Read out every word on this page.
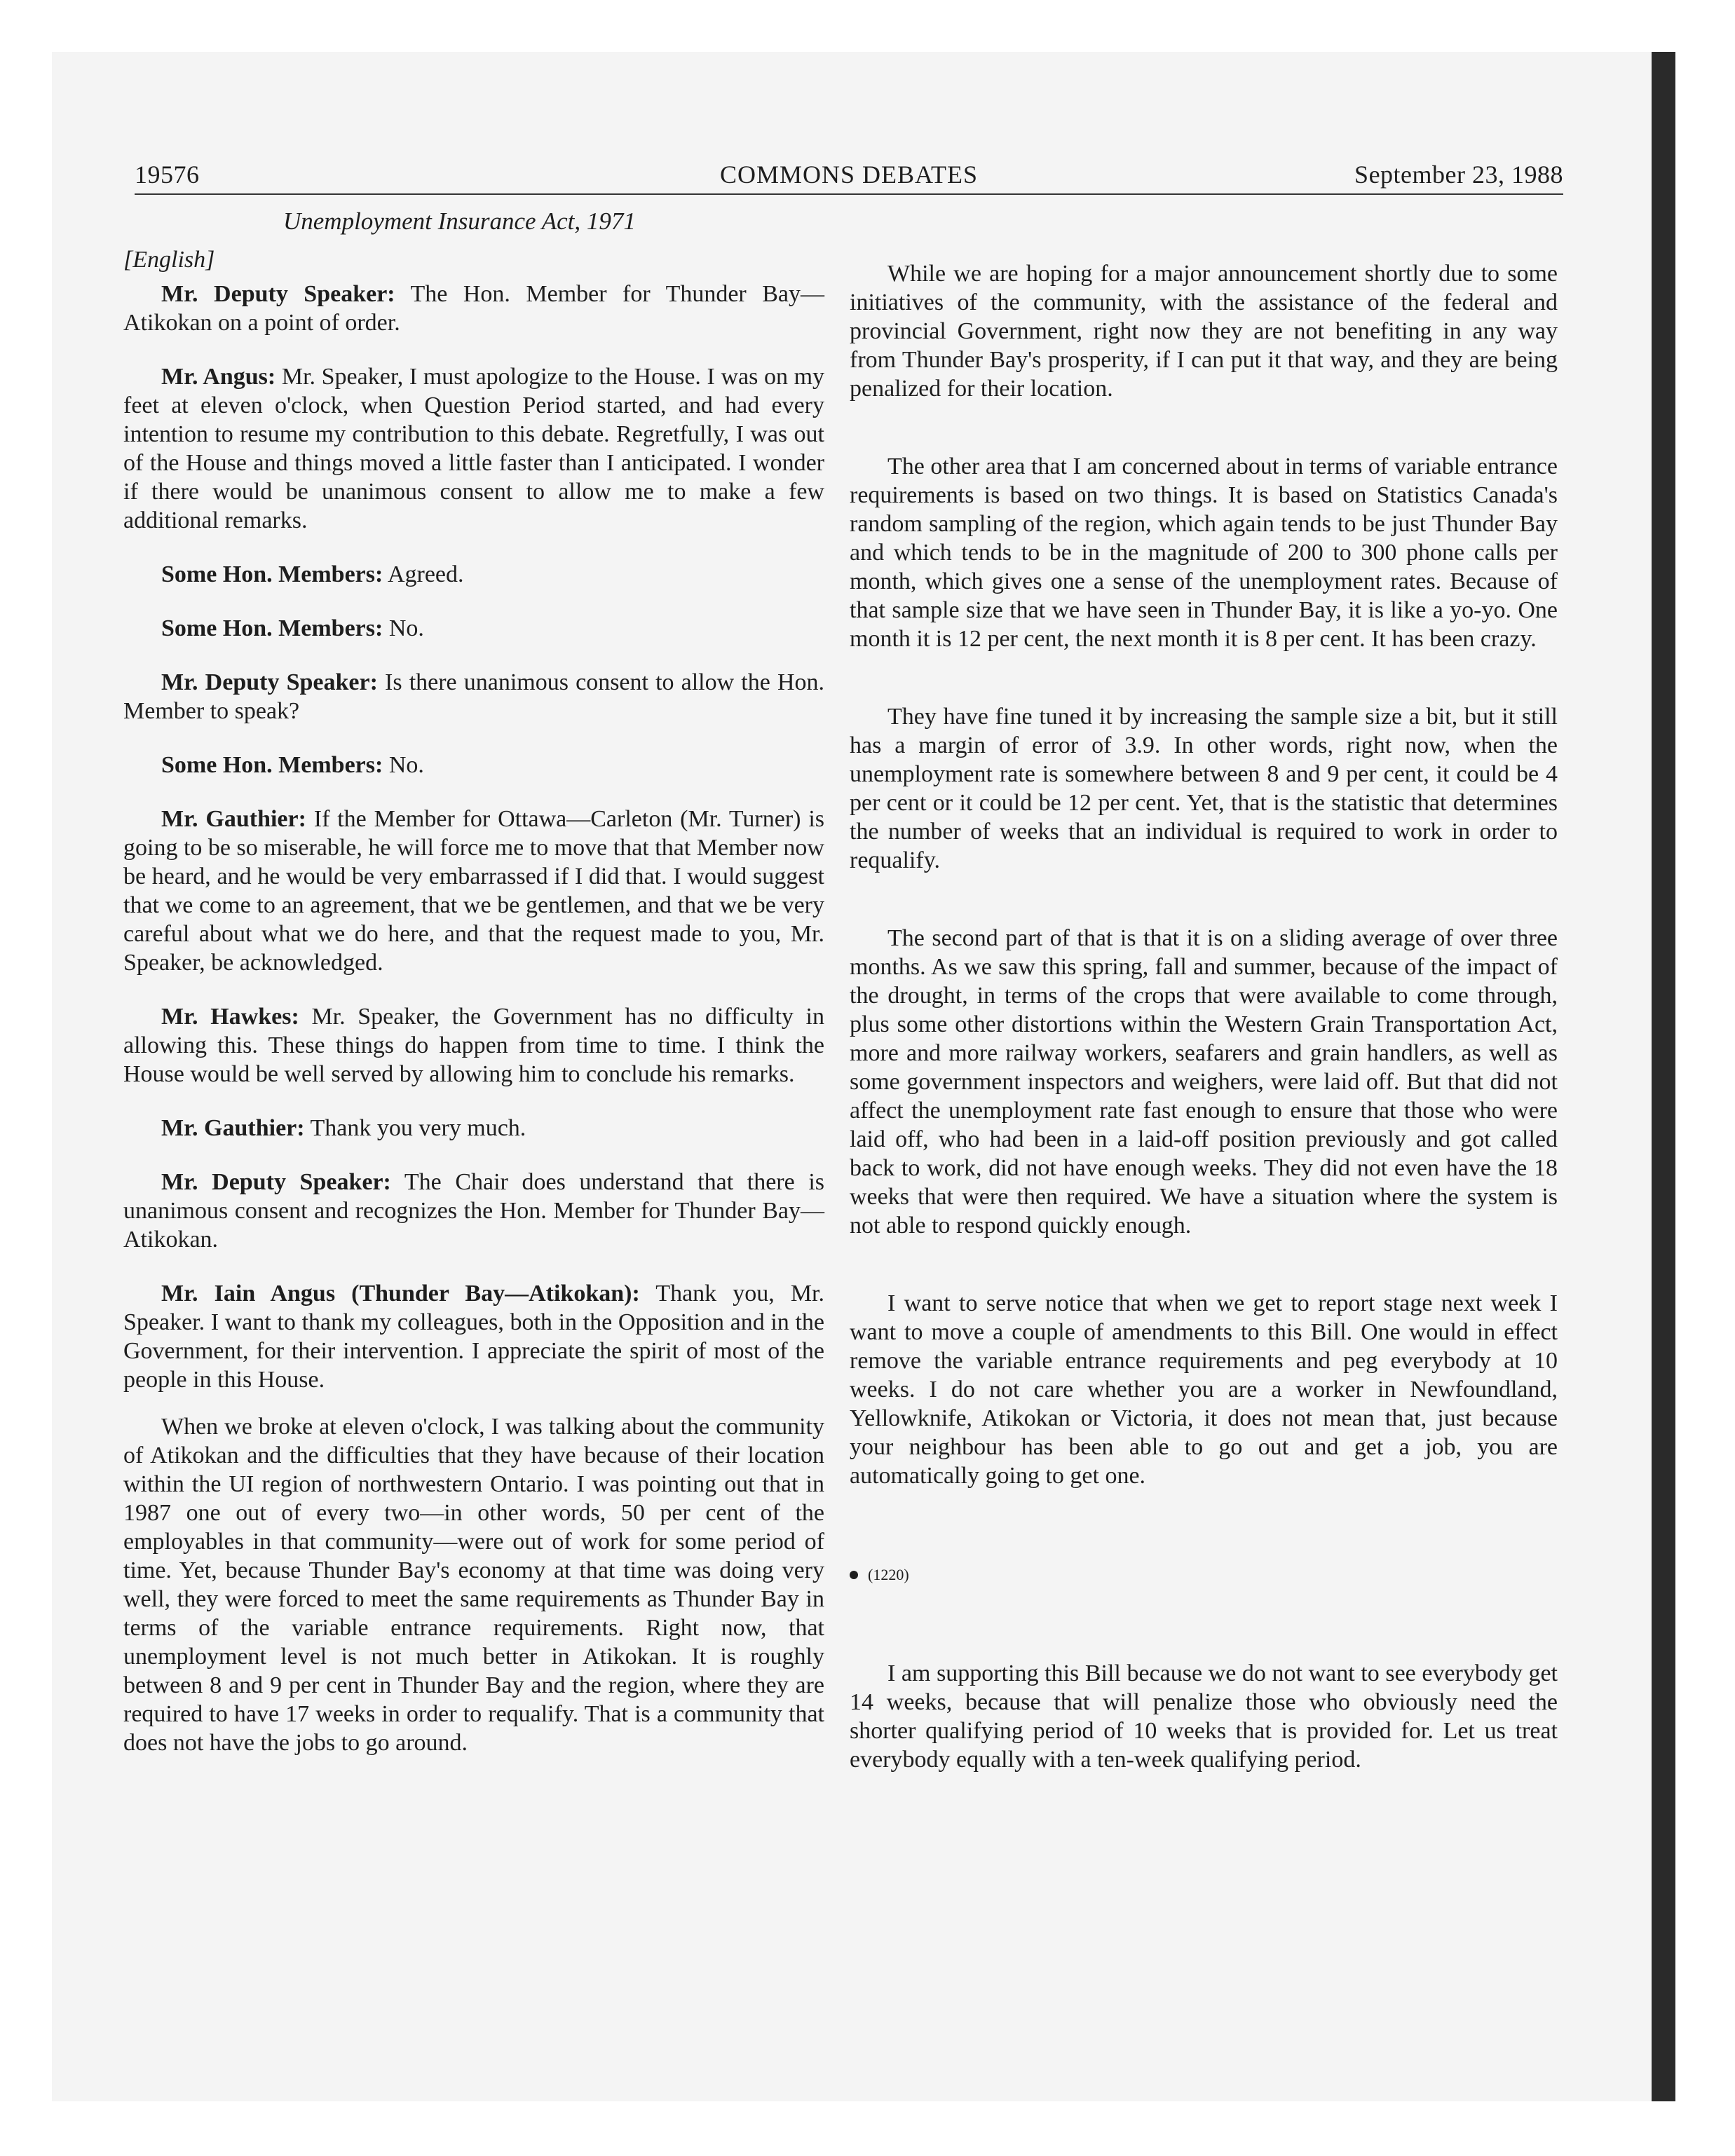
19576	COMMONS DEBATES	September 23, 1988
Unemployment Insurance Act, 1971

[English]

Mr. Deputy Speaker: The Hon. Member for Thunder Bay—Atikokan on a point of order.

Mr. Angus: Mr. Speaker, I must apologize to the House. I was on my feet at eleven o'clock, when Question Period started, and had every intention to resume my contribution to this debate. Regretfully, I was out of the House and things moved a little faster than I anticipated. I wonder if there would be unanimous consent to allow me to make a few additional remarks.

Some Hon. Members: Agreed.

Some Hon. Members: No.

Mr. Deputy Speaker: Is there unanimous consent to allow the Hon. Member to speak?

Some Hon. Members: No.

Mr. Gauthier: If the Member for Ottawa—Carleton (Mr. Turner) is going to be so miserable, he will force me to move that that Member now be heard, and he would be very embarrassed if I did that. I would suggest that we come to an agreement, that we be gentlemen, and that we be very careful about what we do here, and that the request made to you, Mr. Speaker, be acknowledged.

Mr. Hawkes: Mr. Speaker, the Government has no difficulty in allowing this. These things do happen from time to time. I think the House would be well served by allowing him to conclude his remarks.

Mr. Gauthier: Thank you very much.

Mr. Deputy Speaker: The Chair does understand that there is unanimous consent and recognizes the Hon. Member for Thunder Bay—Atikokan.

Mr. Iain Angus (Thunder Bay—Atikokan): Thank you, Mr. Speaker. I want to thank my colleagues, both in the Opposition and in the Government, for their intervention. I appreciate the spirit of most of the people in this House.

When we broke at eleven o'clock, I was talking about the community of Atikokan and the difficulties that they have because of their location within the UI region of northwestern Ontario. I was pointing out that in 1987 one out of every two—in other words, 50 per cent of the employables in that community—were out of work for some period of time. Yet, because Thunder Bay's economy at that time was doing very well, they were forced to meet the same requirements as Thunder Bay in terms of the variable entrance requirements. Right now, that unemployment level is not much better in Atikokan. It is roughly between 8 and 9 per cent in Thunder Bay and the region, where they are required to have 17 weeks in order to requalify. That is a community that does not have the jobs to go around.

While we are hoping for a major announcement shortly due to some initiatives of the community, with the assistance of the federal and provincial Government, right now they are not benefiting in any way from Thunder Bay's prosperity, if I can put it that way, and they are being penalized for their location.

The other area that I am concerned about in terms of variable entrance requirements is based on two things. It is based on Statistics Canada's random sampling of the region, which again tends to be just Thunder Bay and which tends to be in the magnitude of 200 to 300 phone calls per month, which gives one a sense of the unemployment rates. Because of that sample size that we have seen in Thunder Bay, it is like a yo-yo. One month it is 12 per cent, the next month it is 8 per cent. It has been crazy.

They have fine tuned it by increasing the sample size a bit, but it still has a margin of error of 3.9. In other words, right now, when the unemployment rate is somewhere between 8 and 9 per cent, it could be 4 per cent or it could be 12 per cent. Yet, that is the statistic that determines the number of weeks that an individual is required to work in order to requalify.

The second part of that is that it is on a sliding average of over three months. As we saw this spring, fall and summer, because of the impact of the drought, in terms of the crops that were available to come through, plus some other distortions within the Western Grain Transportation Act, more and more railway workers, seafarers and grain handlers, as well as some government inspectors and weighers, were laid off. But that did not affect the unemployment rate fast enough to ensure that those who were laid off, who had been in a laid-off position previously and got called back to work, did not have enough weeks. They did not even have the 18 weeks that were then required. We have a situation where the system is not able to respond quickly enough.

I want to serve notice that when we get to report stage next week I want to move a couple of amendments to this Bill. One would in effect remove the variable entrance requirements and peg everybody at 10 weeks. I do not care whether you are a worker in Newfoundland, Yellowknife, Atikokan or Victoria, it does not mean that, just because your neighbour has been able to go out and get a job, you are automatically going to get one.

(1220)

I am supporting this Bill because we do not want to see everybody get 14 weeks, because that will penalize those who obviously need the shorter qualifying period of 10 weeks that is provided for. Let us treat everybody equally with a ten-week qualifying period.
